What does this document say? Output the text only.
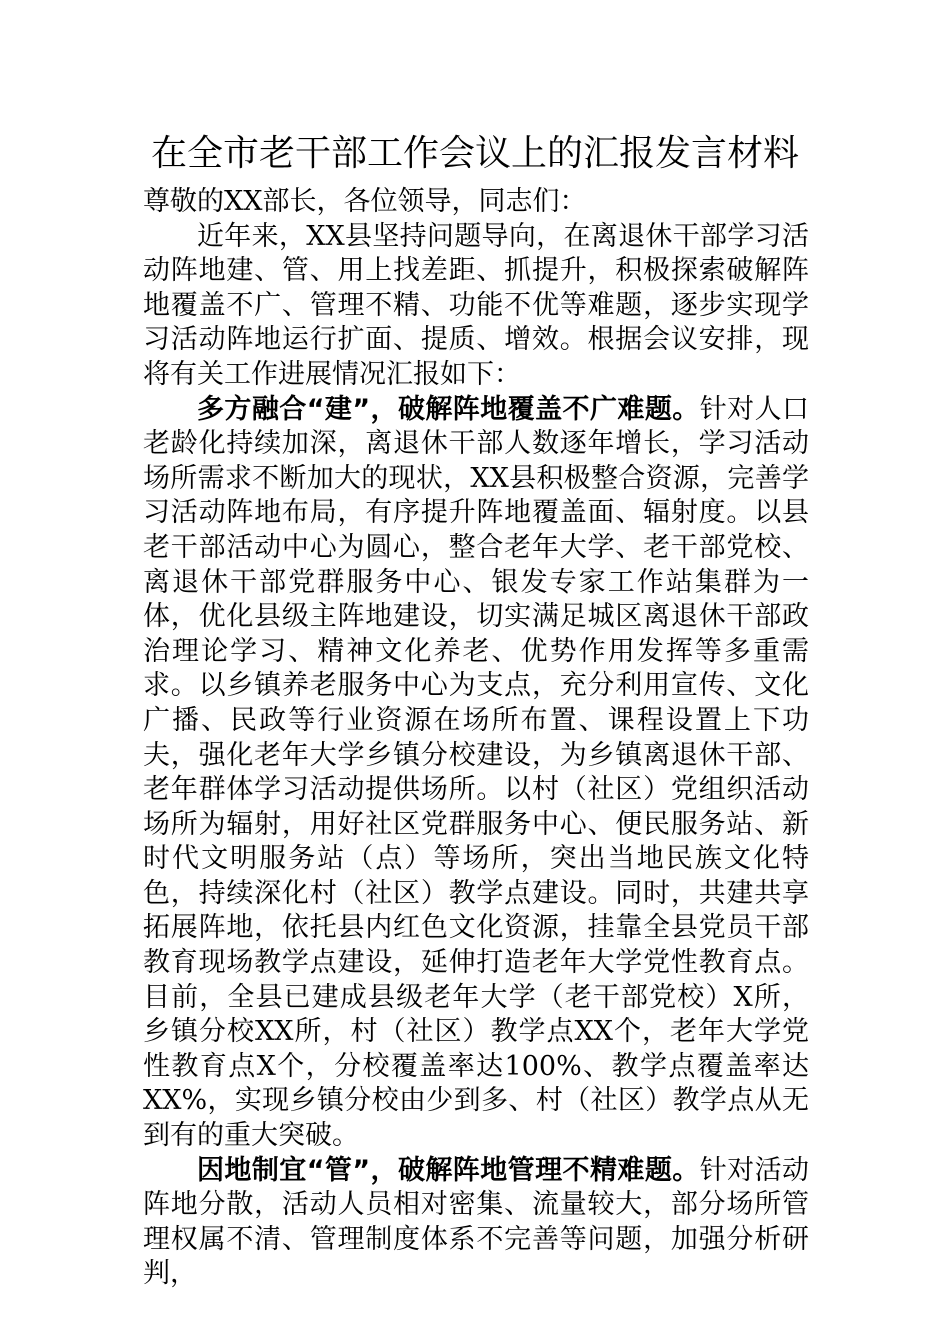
在全市老干部工作会议上的汇报发言材料

尊敬的XX部长，各位领导，同志们：

近年来，XX县坚持问题导向，在离退休干部学习活动阵地建、管、用上找差距、抓提升，积极探索破解阵地覆盖不广、管理不精、功能不优等难题，逐步实现学习活动阵地运行扩面、提质、增效。根据会议安排，现将有关工作进展情况汇报如下：

多方融合“建”，破解阵地覆盖不广难题。针对人口老龄化持续加深，离退休干部人数逐年增长，学习活动场所需求不断加大的现状，XX县积极整合资源，完善学习活动阵地布局，有序提升阵地覆盖面、辐射度。以县老干部活动中心为圆心，整合老年大学、老干部党校、离退休干部党群服务中心、银发专家工作站集群为一体，优化县级主阵地建设，切实满足城区离退休干部政治理论学习、精神文化养老、优势作用发挥等多重需求。以乡镇养老服务中心为支点，充分利用宣传、文化广播、民政等行业资源在场所布置、课程设置上下功夫，强化老年大学乡镇分校建设，为乡镇离退休干部、老年群体学习活动提供场所。以村（社区）党组织活动场所为辐射，用好社区党群服务中心、便民服务站、新时代文明服务站（点）等场所，突出当地民族文化特色，持续深化村（社区）教学点建设。同时，共建共享拓展阵地，依托县内红色文化资源，挂靠全县党员干部教育现场教学点建设，延伸打造老年大学党性教育点。目前，全县已建成县级老年大学（老干部党校）X所，乡镇分校XX所，村（社区）教学点XX个，老年大学党性教育点X个，分校覆盖率达100%、教学点覆盖率达XX%，实现乡镇分校由少到多、村（社区）教学点从无到有的重大突破。

因地制宜“管”，破解阵地管理不精难题。针对活动阵地分散，活动人员相对密集、流量较大，部分场所管理权属不清、管理制度体系不完善等问题，加强分析研判，
